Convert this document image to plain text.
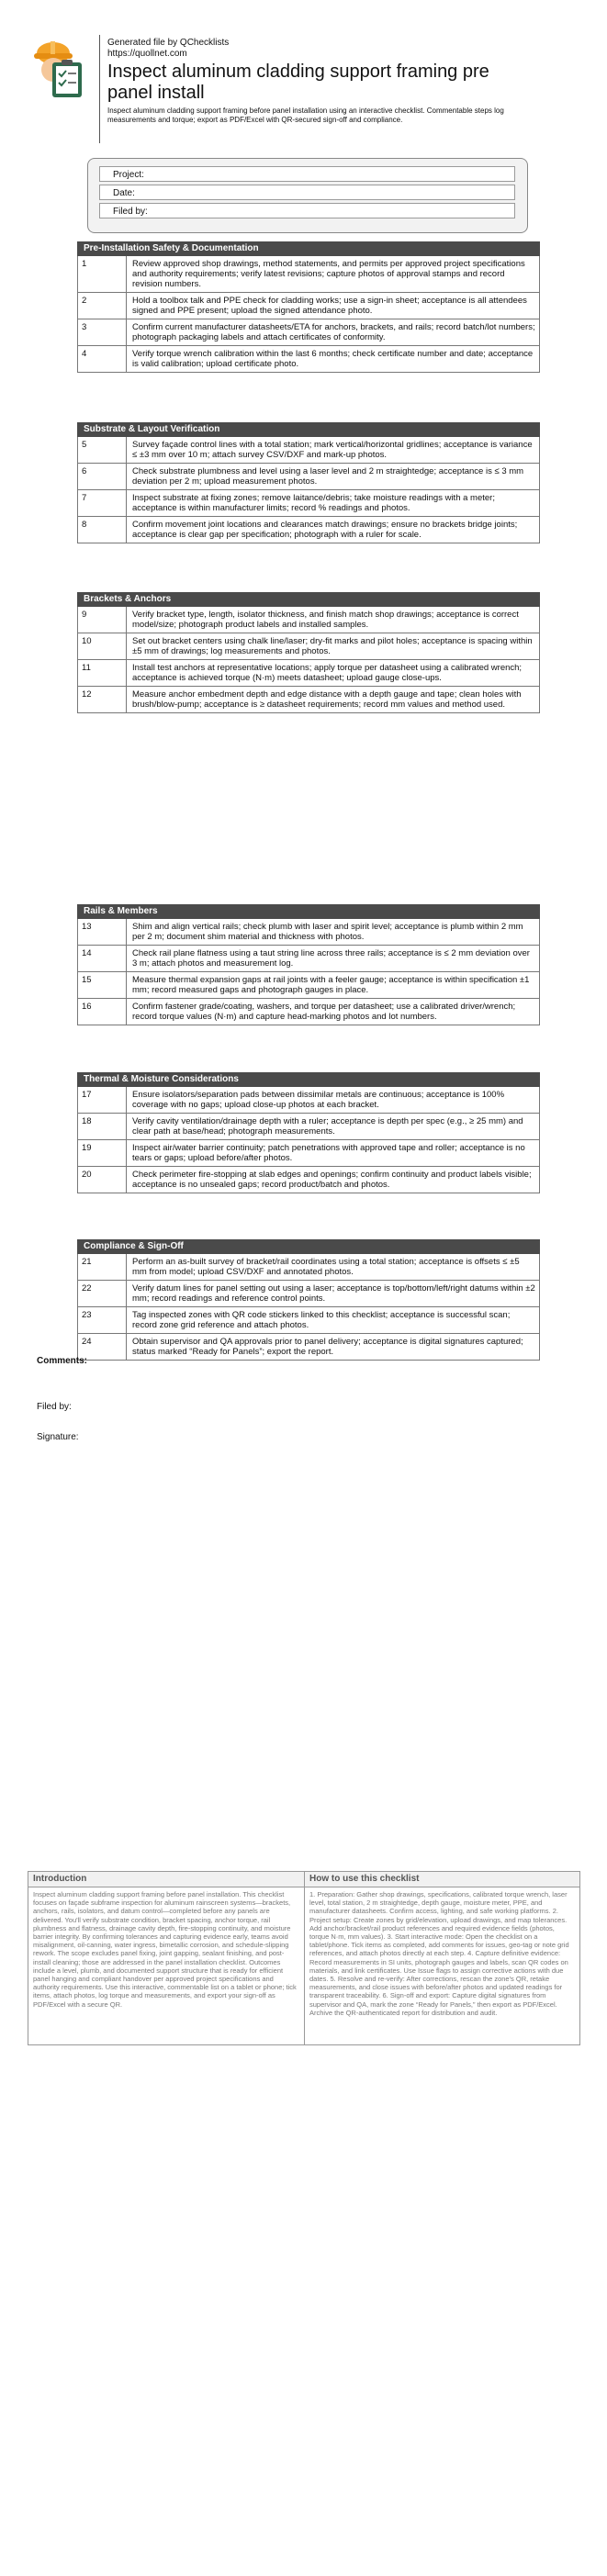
Generated file by QChecklists
https://quollnet.com
Inspect aluminum cladding support framing pre panel install
Inspect aluminum cladding support framing before panel installation using an interactive checklist. Commentable steps log measurements and torque; export as PDF/Excel with QR-secured sign-off and compliance.
Project:
Date:
Filed by:
Pre-Installation Safety & Documentation
1	Review approved shop drawings, method statements, and permits per approved project specifications and authority requirements; verify latest revisions; capture photos of approval stamps and record revision numbers.
2	Hold a toolbox talk and PPE check for cladding works; use a sign-in sheet; acceptance is all attendees signed and PPE present; upload the signed attendance photo.
3	Confirm current manufacturer datasheets/ETA for anchors, brackets, and rails; record batch/lot numbers; photograph packaging labels and attach certificates of conformity.
4	Verify torque wrench calibration within the last 6 months; check certificate number and date; acceptance is valid calibration; upload certificate photo.
Substrate & Layout Verification
5	Survey façade control lines with a total station; mark vertical/horizontal gridlines; acceptance is variance ≤ ±3 mm over 10 m; attach survey CSV/DXF and mark-up photos.
6	Check substrate plumbness and level using a laser level and 2 m straightedge; acceptance is ≤ 3 mm deviation per 2 m; upload measurement photos.
7	Inspect substrate at fixing zones; remove laitance/debris; take moisture readings with a meter; acceptance is within manufacturer limits; record % readings and photos.
8	Confirm movement joint locations and clearances match drawings; ensure no brackets bridge joints; acceptance is clear gap per specification; photograph with a ruler for scale.
Brackets & Anchors
9	Verify bracket type, length, isolator thickness, and finish match shop drawings; acceptance is correct model/size; photograph product labels and installed samples.
10	Set out bracket centers using chalk line/laser; dry-fit marks and pilot holes; acceptance is spacing within ±5 mm of drawings; log measurements and photos.
11	Install test anchors at representative locations; apply torque per datasheet using a calibrated wrench; acceptance is achieved torque (N·m) meets datasheet; upload gauge close-ups.
12	Measure anchor embedment depth and edge distance with a depth gauge and tape; clean holes with brush/blow-pump; acceptance is ≥ datasheet requirements; record mm values and method used.
Rails & Members
13	Shim and align vertical rails; check plumb with laser and spirit level; acceptance is plumb within 2 mm per 2 m; document shim material and thickness with photos.
14	Check rail plane flatness using a taut string line across three rails; acceptance is ≤ 2 mm deviation over 3 m; attach photos and measurement log.
15	Measure thermal expansion gaps at rail joints with a feeler gauge; acceptance is within specification ±1 mm; record measured gaps and photograph gauges in place.
16	Confirm fastener grade/coating, washers, and torque per datasheet; use a calibrated driver/wrench; record torque values (N·m) and capture head-marking photos and lot numbers.
Thermal & Moisture Considerations
17	Ensure isolators/separation pads between dissimilar metals are continuous; acceptance is 100% coverage with no gaps; upload close-up photos at each bracket.
18	Verify cavity ventilation/drainage depth with a ruler; acceptance is depth per spec (e.g., ≥ 25 mm) and clear path at base/head; photograph measurements.
19	Inspect air/water barrier continuity; patch penetrations with approved tape and roller; acceptance is no tears or gaps; upload before/after photos.
20	Check perimeter fire-stopping at slab edges and openings; confirm continuity and product labels visible; acceptance is no unsealed gaps; record product/batch and photos.
Compliance & Sign-Off
21	Perform an as-built survey of bracket/rail coordinates using a total station; acceptance is offsets ≤ ±5 mm from model; upload CSV/DXF and annotated photos.
22	Verify datum lines for panel setting out using a laser; acceptance is top/bottom/left/right datums within ±2 mm; record readings and reference control points.
23	Tag inspected zones with QR code stickers linked to this checklist; acceptance is successful scan; record zone grid reference and attach photos.
24	Obtain supervisor and QA approvals prior to panel delivery; acceptance is digital signatures captured; status marked “Ready for Panels”; export the report.
Comments:
Filed by:
Signature:
Introduction
Inspect aluminum cladding support framing before panel installation. This checklist focuses on façade subframe inspection for aluminum rainscreen systems—brackets, anchors, rails, isolators, and datum control—completed before any panels are delivered. You'll verify substrate condition, bracket spacing, anchor torque, rail plumbness and flatness, drainage cavity depth, fire-stopping continuity, and moisture barrier integrity. By confirming tolerances and capturing evidence early, teams avoid misalignment, oil-canning, water ingress, bimetallic corrosion, and schedule-slipping rework. The scope excludes panel fixing, joint gapping, sealant finishing, and post-install cleaning; those are addressed in the panel installation checklist. Outcomes include a level, plumb, and documented support structure that is ready for efficient panel hanging and compliant handover per approved project specifications and authority requirements. Use this interactive, commentable list on a tablet or phone; tick items, attach photos, log torque and measurements, and export your sign-off as PDF/Excel with a secure QR.
How to use this checklist
1. Preparation: Gather shop drawings, specifications, calibrated torque wrench, laser level, total station, 2 m straightedge, depth gauge, moisture meter, PPE, and manufacturer datasheets. Confirm access, lighting, and safe working platforms. 2. Project setup: Create zones by grid/elevation, upload drawings, and map tolerances. Add anchor/bracket/rail product references and required evidence fields (photos, torque N·m, mm values). 3. Start interactive mode: Open the checklist on a tablet/phone. Tick items as completed, add comments for issues, geo-tag or note grid references, and attach photos directly at each step. 4. Capture definitive evidence: Record measurements in SI units, photograph gauges and labels, scan QR codes on materials, and link certificates. Use Issue flags to assign corrective actions with due dates. 5. Resolve and re-verify: After corrections, rescan the zone's QR, retake measurements, and close issues with before/after photos and updated readings for transparent traceability. 6. Sign-off and export: Capture digital signatures from supervisor and QA, mark the zone “Ready for Panels,” then export as PDF/Excel. Archive the QR-authenticated report for distribution and audit.
